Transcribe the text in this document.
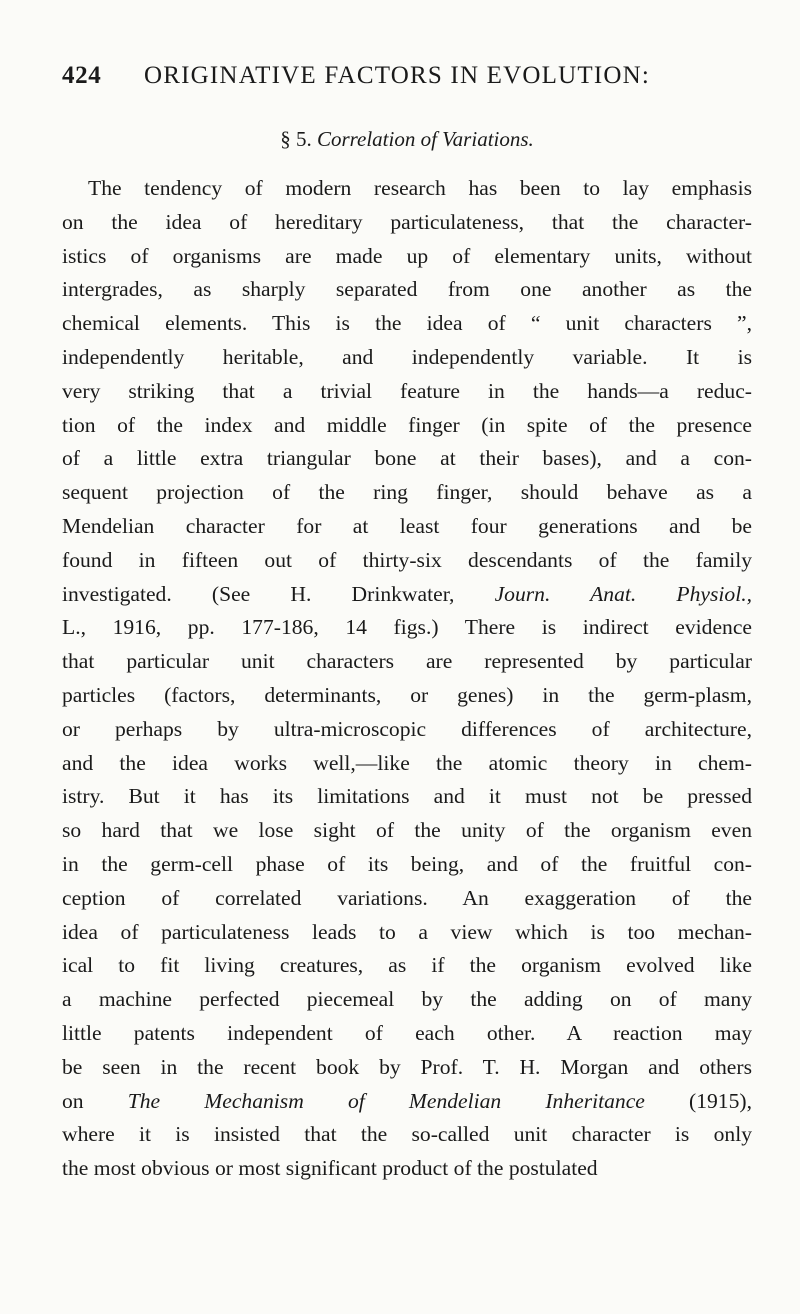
424 ORIGINATIVE FACTORS IN EVOLUTION:
§ 5. Correlation of Variations.
The tendency of modern research has been to lay emphasis
on the idea of hereditary particulateness, that the character-
istics of organisms are made up of elementary units, without
intergrades, as sharply separated from one another as the
chemical elements. This is the idea of “ unit characters ”,
independently heritable, and independently variable. It is
very striking that a trivial feature in the hands—a reduc-
tion of the index and middle finger (in spite of the presence
of a little extra triangular bone at their bases), and a con-
sequent projection of the ring finger, should behave as a
Mendelian character for at least four generations and be
found in fifteen out of thirty-six descendants of the family
investigated. (See H. Drinkwater, Journ. Anat. Physiol.,
L., 1916, pp. 177-186, 14 figs.) There is indirect evidence
that particular unit characters are represented by particular
particles (factors, determinants, or genes) in the germ-plasm,
or perhaps by ultra-microscopic differences of architecture,
and the idea works well,—like the atomic theory in chem-
istry. But it has its limitations and it must not be pressed
so hard that we lose sight of the unity of the organism even
in the germ-cell phase of its being, and of the fruitful con-
ception of correlated variations. An exaggeration of the
idea of particulateness leads to a view which is too mechan-
ical to fit living creatures, as if the organism evolved like
a machine perfected piecemeal by the adding on of many
little patents independent of each other. A reaction may
be seen in the recent book by Prof. T. H. Morgan and others
on The Mechanism of Mendelian Inheritance (1915),
where it is insisted that the so-called unit character is only
the most obvious or most significant product of the postulated
